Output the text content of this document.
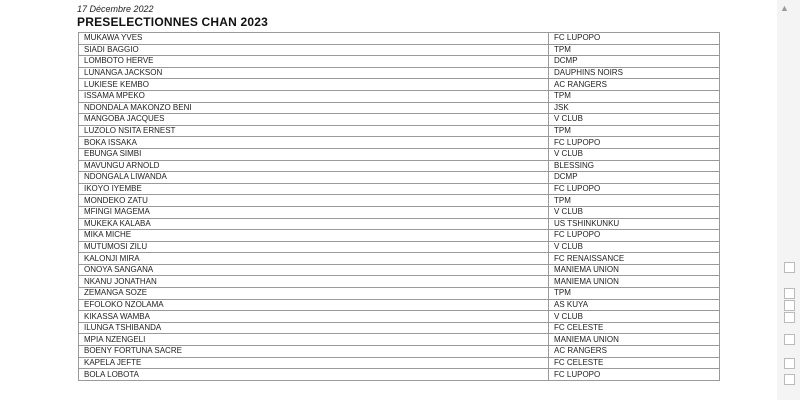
17 Décembre 2022
PRESELECTIONNES CHAN 2023
MUKAWA YVES	FC LUPOPO
SIADI BAGGIO	TPM
LOMBOTO HERVE	DCMP
LUNANGA JACKSON	DAUPHINS NOIRS
LUKIESE KEMBO	AC RANGERS
ISSAMA MPEKO	TPM
NDONDALA MAKONZO BENI	JSK
MANGOBA JACQUES	V CLUB
LUZOLO NSITA ERNEST	TPM
BOKA ISSAKA	FC LUPOPO
EBUNGA SIMBI	V CLUB
MAVUNGU ARNOLD	BLESSING
NDONGALA LIWANDA	DCMP
IKOYO IYEMBE	FC LUPOPO
MONDEKO ZATU	TPM
MFINGI MAGEMA	V CLUB
MUKEKA KALABA	US TSHINKUNKU
MIKA MICHE	FC LUPOPO
MUTUMOSI ZILU	V CLUB
KALONJI MIRA	FC RENAISSANCE
ONOYA SANGANA	MANIEMA UNION
NKANU JONATHAN	MANIEMA UNION
ZEMANGA SOZE	TPM
EFOLOKO NZOLAMA	AS KUYA
KIKASSA WAMBA	V CLUB
ILUNGA TSHIBANDA	FC CELESTE
MPIA NZENGELI	MANIEMA UNION
BOENY FORTUNA SACRE	AC RANGERS
KAPELA JEFTE	FC CELESTE
BOLA LOBOTA	FC LUPOPO
▲
